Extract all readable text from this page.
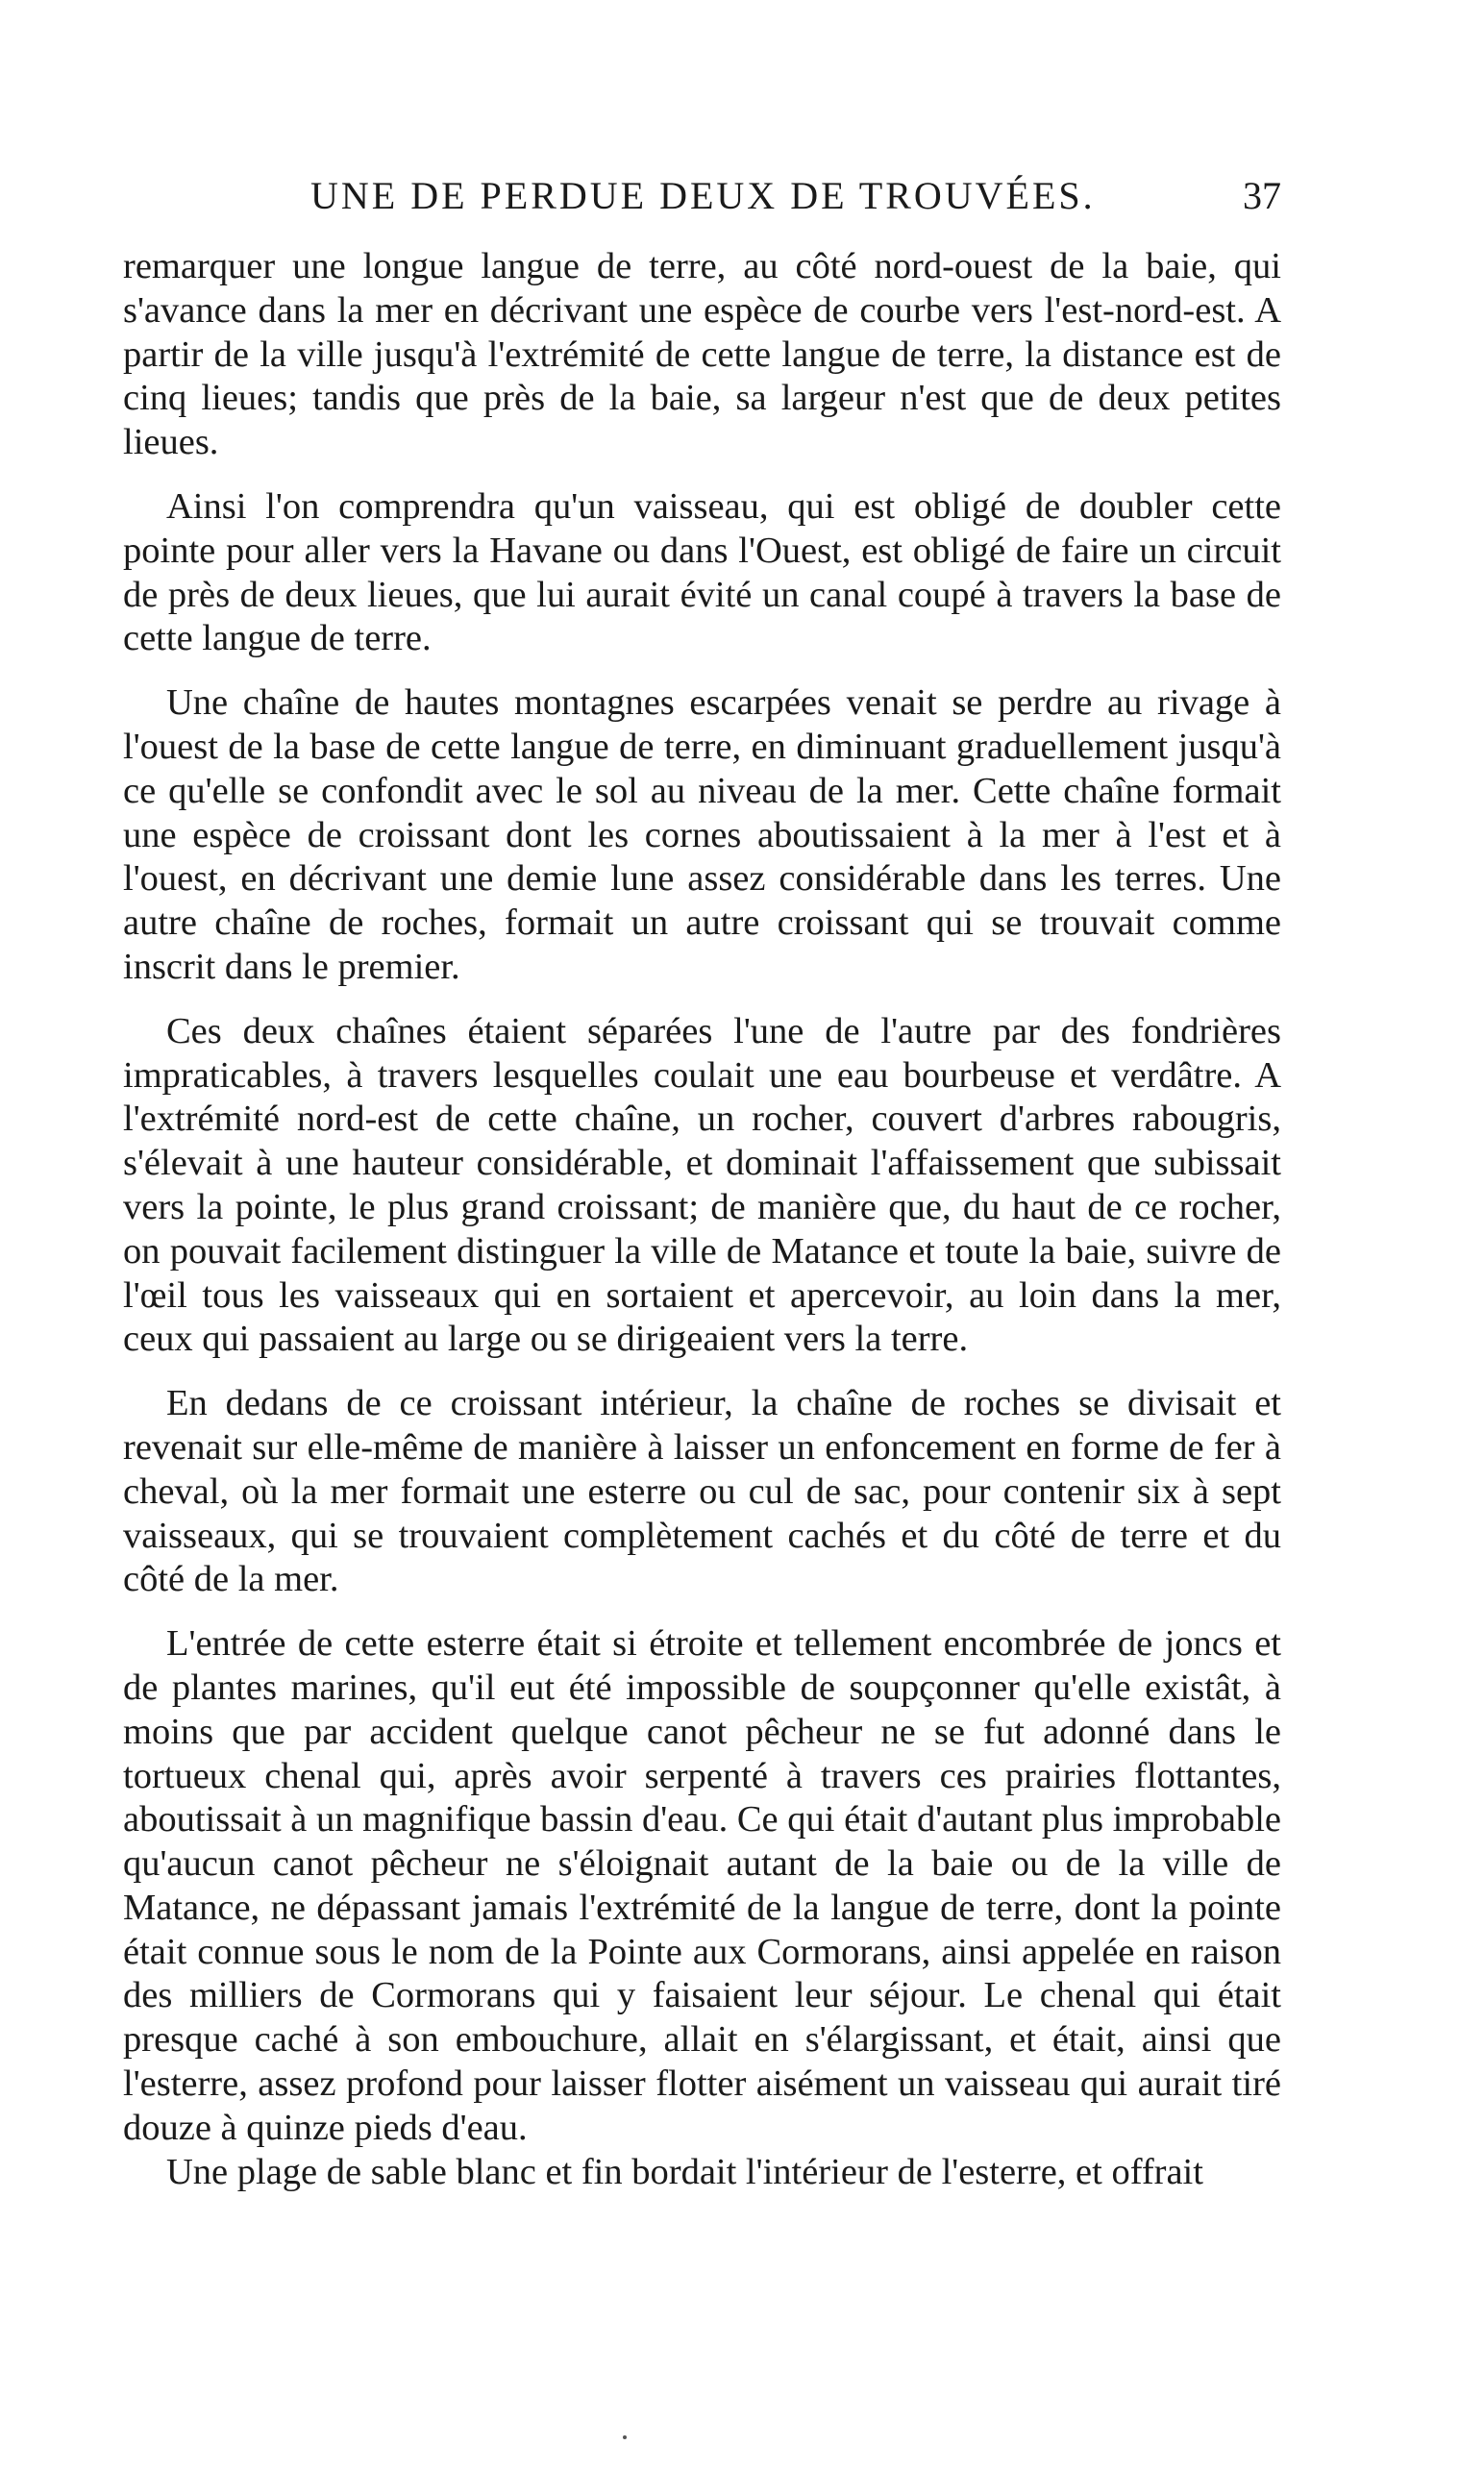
UNE DE PERDUE DEUX DE TROUVÉES.	37

remarquer une longue langue de terre, au côté nord-ouest de la baie, qui s'avance dans la mer en décrivant une espèce de courbe vers l'est-nord-est. A partir de la ville jusqu'à l'extrémité de cette langue de terre, la distance est de cinq lieues; tandis que près de la baie, sa largeur n'est que de deux petites lieues.

Ainsi l'on comprendra qu'un vaisseau, qui est obligé de doubler cette pointe pour aller vers la Havane ou dans l'Ouest, est obligé de faire un circuit de près de deux lieues, que lui aurait évité un canal coupé à travers la base de cette langue de terre.

Une chaîne de hautes montagnes escarpées venait se perdre au rivage à l'ouest de la base de cette langue de terre, en diminuant graduellement jusqu'à ce qu'elle se confondit avec le sol au niveau de la mer. Cette chaîne formait une espèce de croissant dont les cornes aboutissaient à la mer à l'est et à l'ouest, en décrivant une demie lune assez considérable dans les terres. Une autre chaîne de roches, formait un autre croissant qui se trouvait comme inscrit dans le premier.

Ces deux chaînes étaient séparées l'une de l'autre par des fondrières impraticables, à travers lesquelles coulait une eau bourbeuse et verdâtre. A l'extrémité nord-est de cette chaîne, un rocher, couvert d'arbres rabougris, s'élevait à une hauteur considérable, et dominait l'affaissement que subissait vers la pointe, le plus grand croissant; de manière que, du haut de ce rocher, on pouvait facilement distinguer la ville de Matance et toute la baie, suivre de l'œil tous les vaisseaux qui en sortaient et apercevoir, au loin dans la mer, ceux qui passaient au large ou se dirigeaient vers la terre.

En dedans de ce croissant intérieur, la chaîne de roches se divisait et revenait sur elle-même de manière à laisser un enfoncement en forme de fer à cheval, où la mer formait une esterre ou cul de sac, pour contenir six à sept vaisseaux, qui se trouvaient complètement cachés et du côté de terre et du côté de la mer.

L'entrée de cette esterre était si étroite et tellement encombrée de joncs et de plantes marines, qu'il eut été impossible de soupçonner qu'elle existât, à moins que par accident quelque canot pêcheur ne se fut adonné dans le tortueux chenal qui, après avoir serpenté à travers ces prairies flottantes, aboutissait à un magnifique bassin d'eau. Ce qui était d'autant plus improbable qu'aucun canot pêcheur ne s'éloignait autant de la baie ou de la ville de Matance, ne dépassant jamais l'extrémité de la langue de terre, dont la pointe était connue sous le nom de la Pointe aux Cormorans, ainsi appelée en raison des milliers de Cormorans qui y faisaient leur séjour. Le chenal qui était presque caché à son embouchure, allait en s'élargissant, et était, ainsi que l'esterre, assez profond pour laisser flotter aisément un vaisseau qui aurait tiré douze à quinze pieds d'eau.

Une plage de sable blanc et fin bordait l'intérieur de l'esterre, et offrait
